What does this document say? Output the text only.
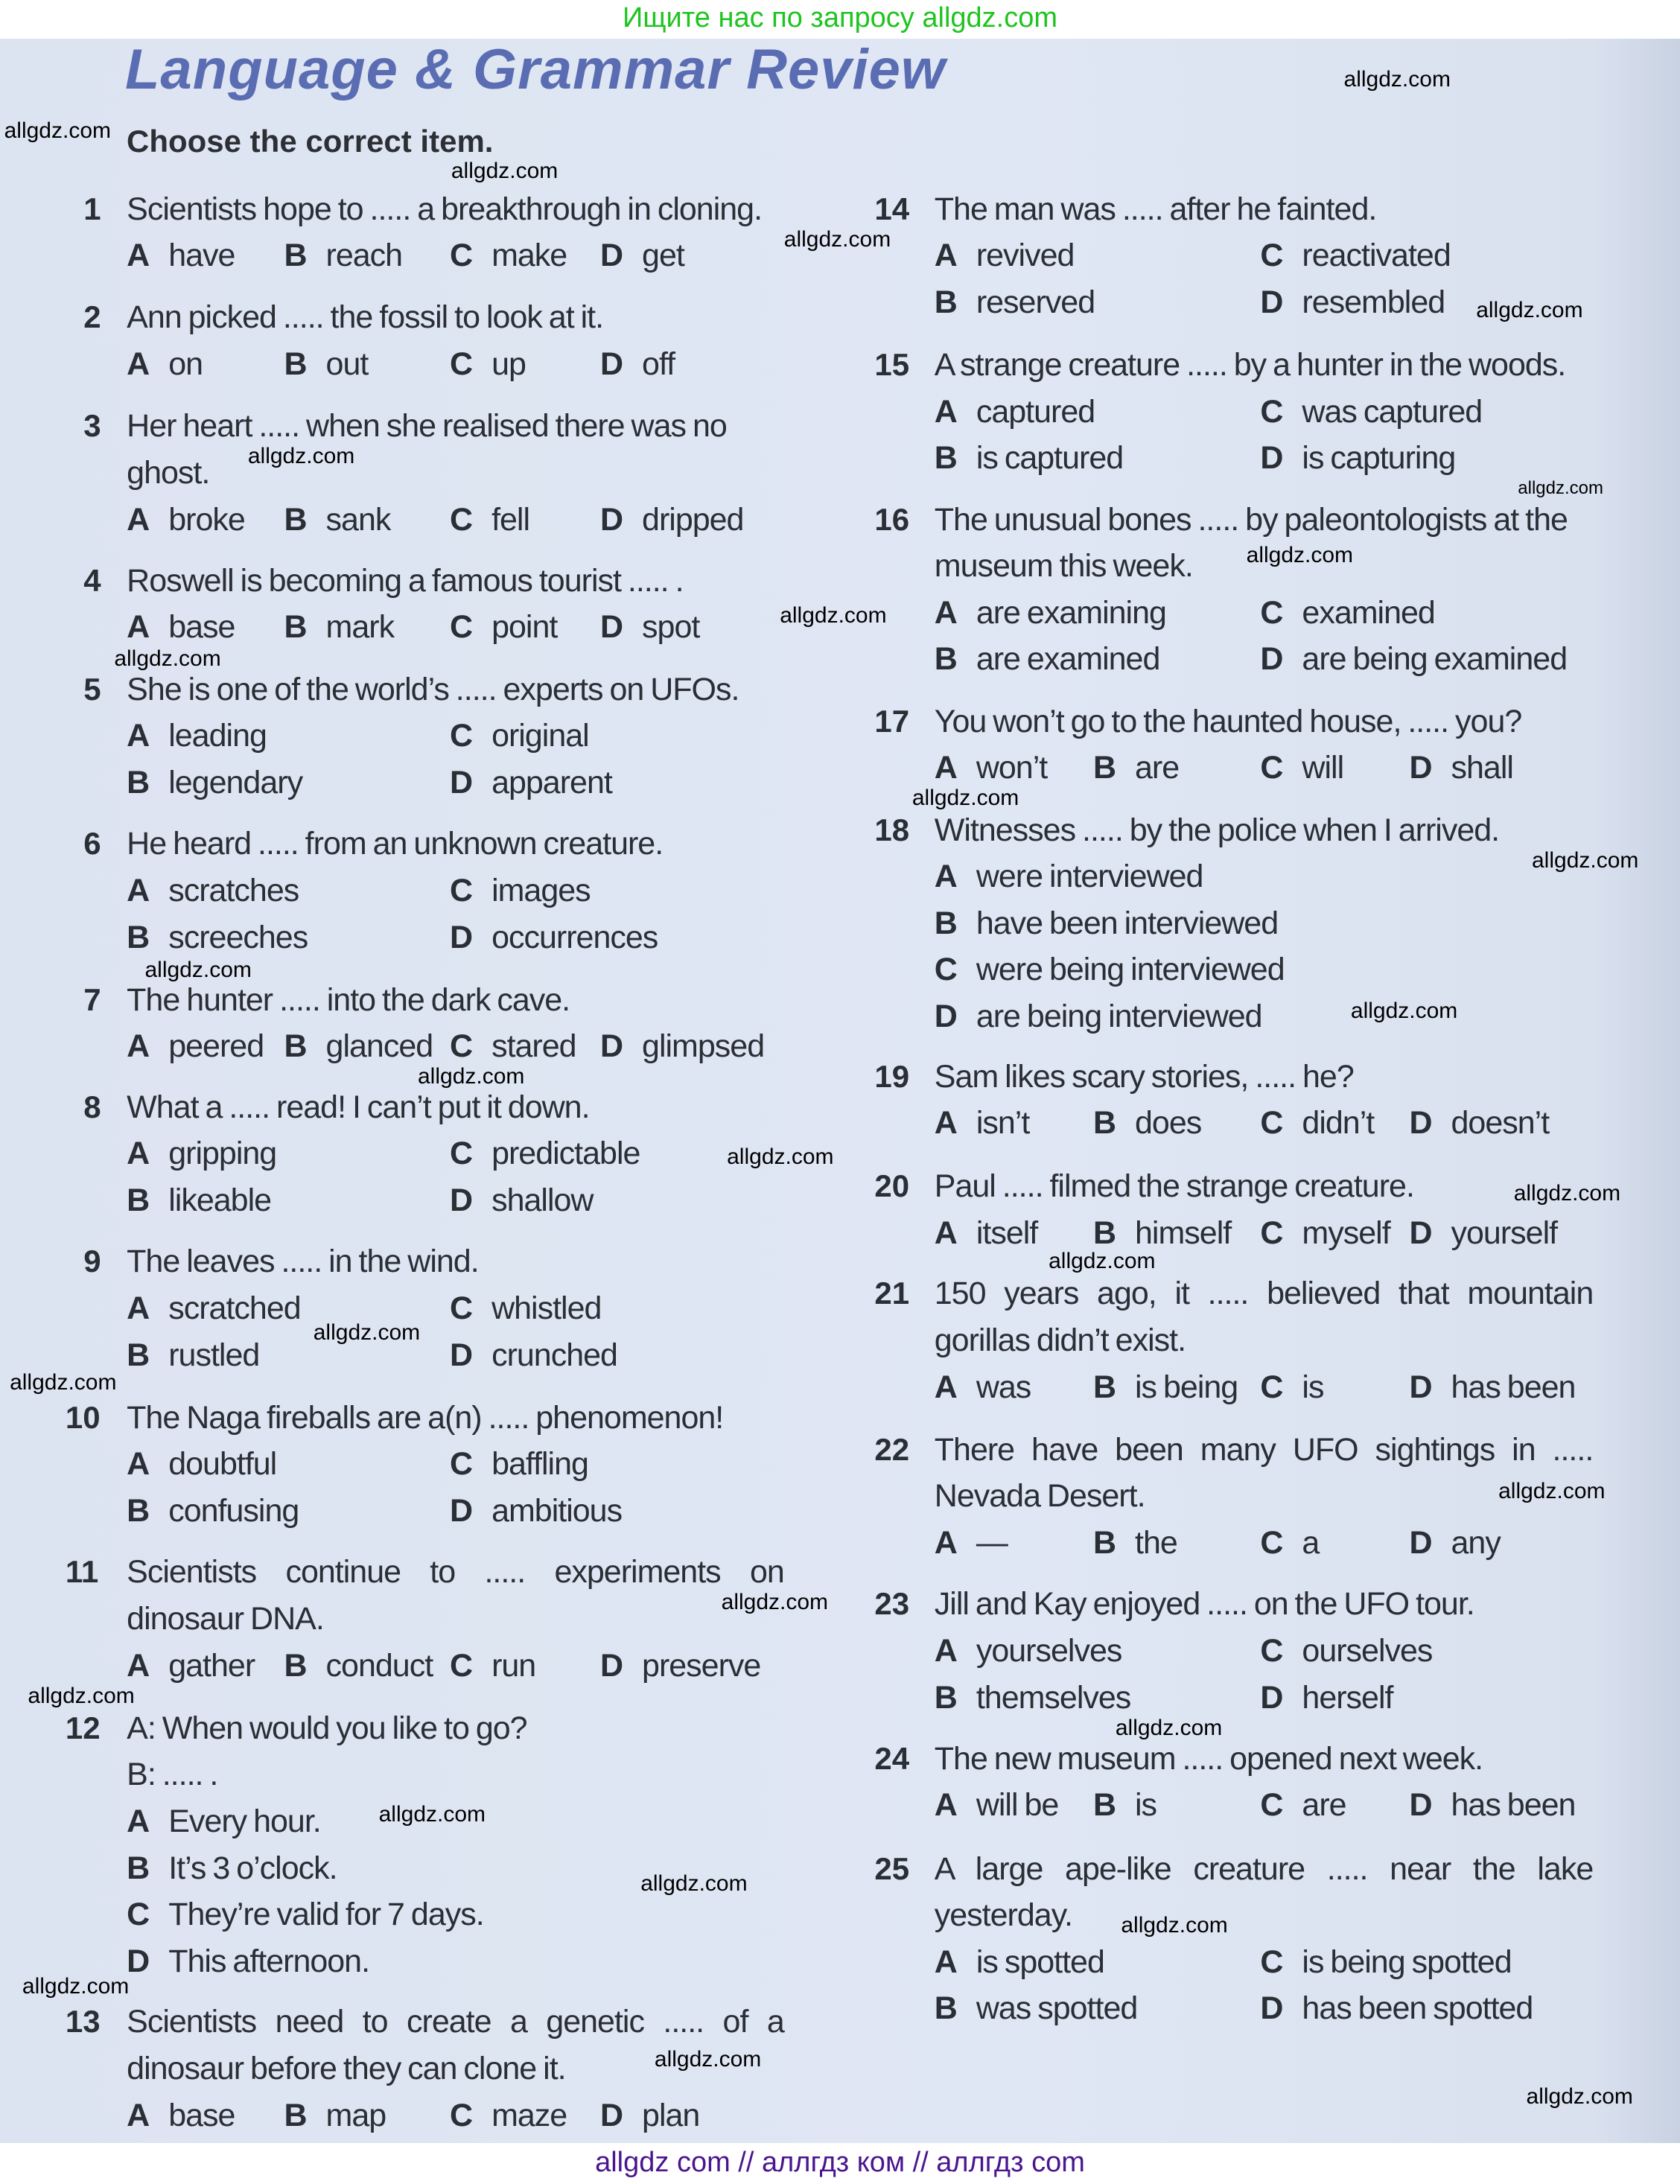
Ищите нас по запросу allgdz.com
Language & Grammar Review
Choose the correct item.
1 Scientists hope to ..... a breakthrough in cloning.
A have B reach C make D get
2 Ann picked ..... the fossil to look at it.
A on	B out	C up D off
3 Her heart ..... when she realised there was no
ghost.
A broke B sank C fell D dripped
4 Roswell is becoming a famous tourist ..... .
A base B mark C point D spot
5 She is one of the world’s ..... experts on UFOs.
A leading	C original
B legendary	D apparent
6 He heard ..... from an unknown creature.
A scratches	C images
B screeches	D occurrences
7 The hunter ..... into the dark cave.
A peered B glanced C stared D glimpsed
8 What a ..... read! I can’t put it down.
A gripping	C predictable
B likeable	D shallow
9 The leaves ..... in the wind.
A scratched	C whistled
B rustled	D crunched
10 The Naga fireballs are a(n) ..... phenomenon!
A doubtful	C baffling
B confusing	D ambitious
11 Scientists continue to ..... experiments on
dinosaur DNA.
A gather B conduct C run D preserve
12 A: When would you like to go?
B: ..... .
A Every hour.
B It’s 3 o’clock.
C They’re valid for 7 days.
D This afternoon.
13 Scientists need to create a genetic ..... of a
dinosaur before they can clone it.
A base B map C maze D plan
14 The man was ..... after he fainted.
A revived	C reactivated
B reserved	D resembled
15 A strange creature ..... by a hunter in the woods.
A captured	C was captured
B is captured	D is capturing
16 The unusual bones ..... by paleontologists at the
museum this week.
A are examining	C examined
B are examined	D are being examined
17 You won’t go to the haunted house, ..... you?
A won’t B are	C will D shall
18 Witnesses ..... by the police when I arrived.
A were interviewed
B have been interviewed
C were being interviewed
D are being interviewed
19 Sam likes scary stories, ..... he?
A isn’t B does C didn’t D doesn’t
20 Paul ..... filmed the strange creature.
A itself B himself C myself D yourself
21 150 years ago, it ..... believed that mountain
gorillas didn’t exist.
A was B is being C is	D has been
22 There have been many UFO sightings in .....
Nevada Desert.
A —	B the	C a	D any
23 Jill and Kay enjoyed ..... on the UFO tour.
A yourselves	C ourselves
B themselves	D herself
24 The new museum ..... opened next week.
A will be B is	C are D has been
25 A large ape-like creature ..... near the lake
yesterday.
A is spotted	C is being spotted
B was spotted	D has been spotted
allgdz.com
allgdz.com
allgdz.com
allgdz.com
allgdz.com
allgdz.com
allgdz.com
allgdz.com
allgdz.com
allgdz.com
allgdz.com
allgdz.com
allgdz.com
allgdz.com
allgdz.com
allgdz.com
allgdz.com
allgdz.com
allgdz.com
allgdz.com
allgdz.com
allgdz.com
allgdz.com
allgdz.com
allgdz.com
allgdz.com
allgdz.com
allgdz.com
allgdz.com
allgdz.com
allgdz com // аллгдз ком // аллгдз com
